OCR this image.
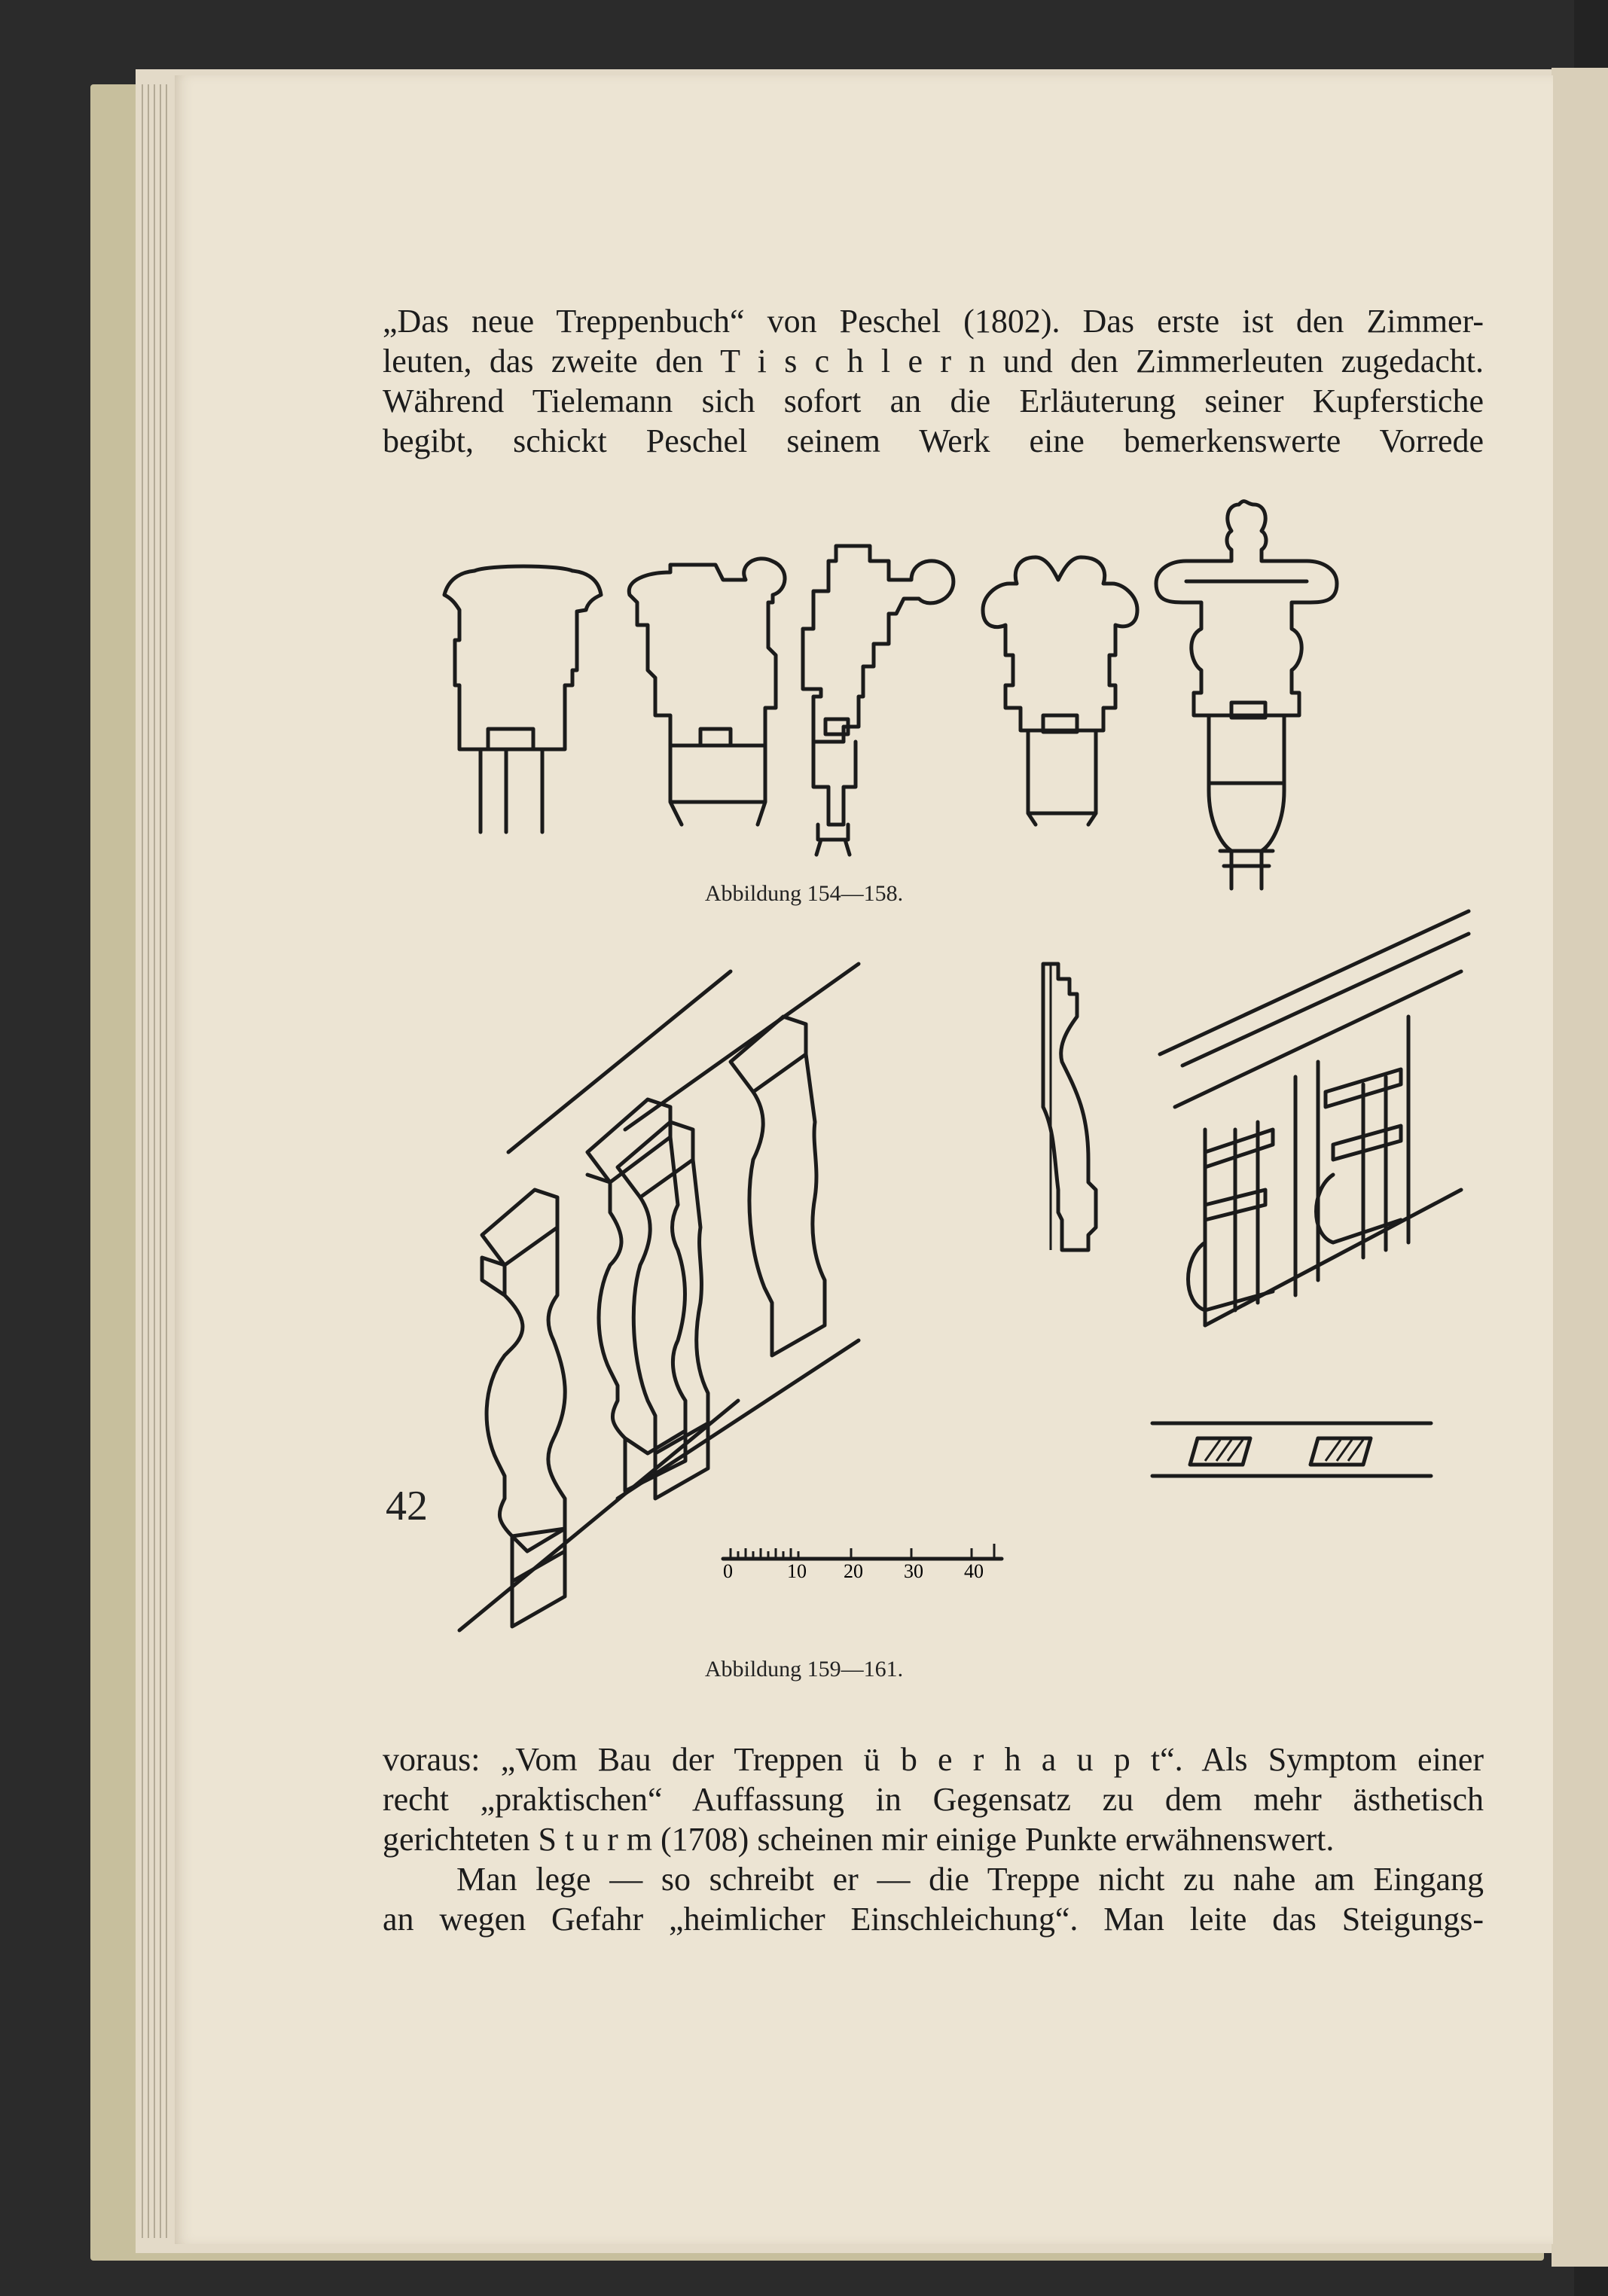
„Das neue Treppenbuch“ von Peschel (1802). Das erste ist den Zimmer-
leuten, das zweite den T i s c h l e r n und den Zimmerleuten zugedacht.
Während Tielemann sich sofort an die Erläuterung seiner Kupferstiche
begibt, schickt Peschel seinem Werk eine bemerkenswerte Vorrede
Abbildung 154—158.
0	10 20 30 40
Abbildung 159—161.
voraus: „Vom Bau der Treppen ü b e r h a u p t“. Als Symptom einer
recht „praktischen“ Auffassung in Gegensatz zu dem mehr ästhetisch
gerichteten S t u r m (1708) scheinen mir einige Punkte erwähnenswert.
Man lege — so schreibt er — die Treppe nicht zu nahe am Eingang
an wegen Gefahr „heimlicher Einschleichung“. Man leite das Steigungs-
42
